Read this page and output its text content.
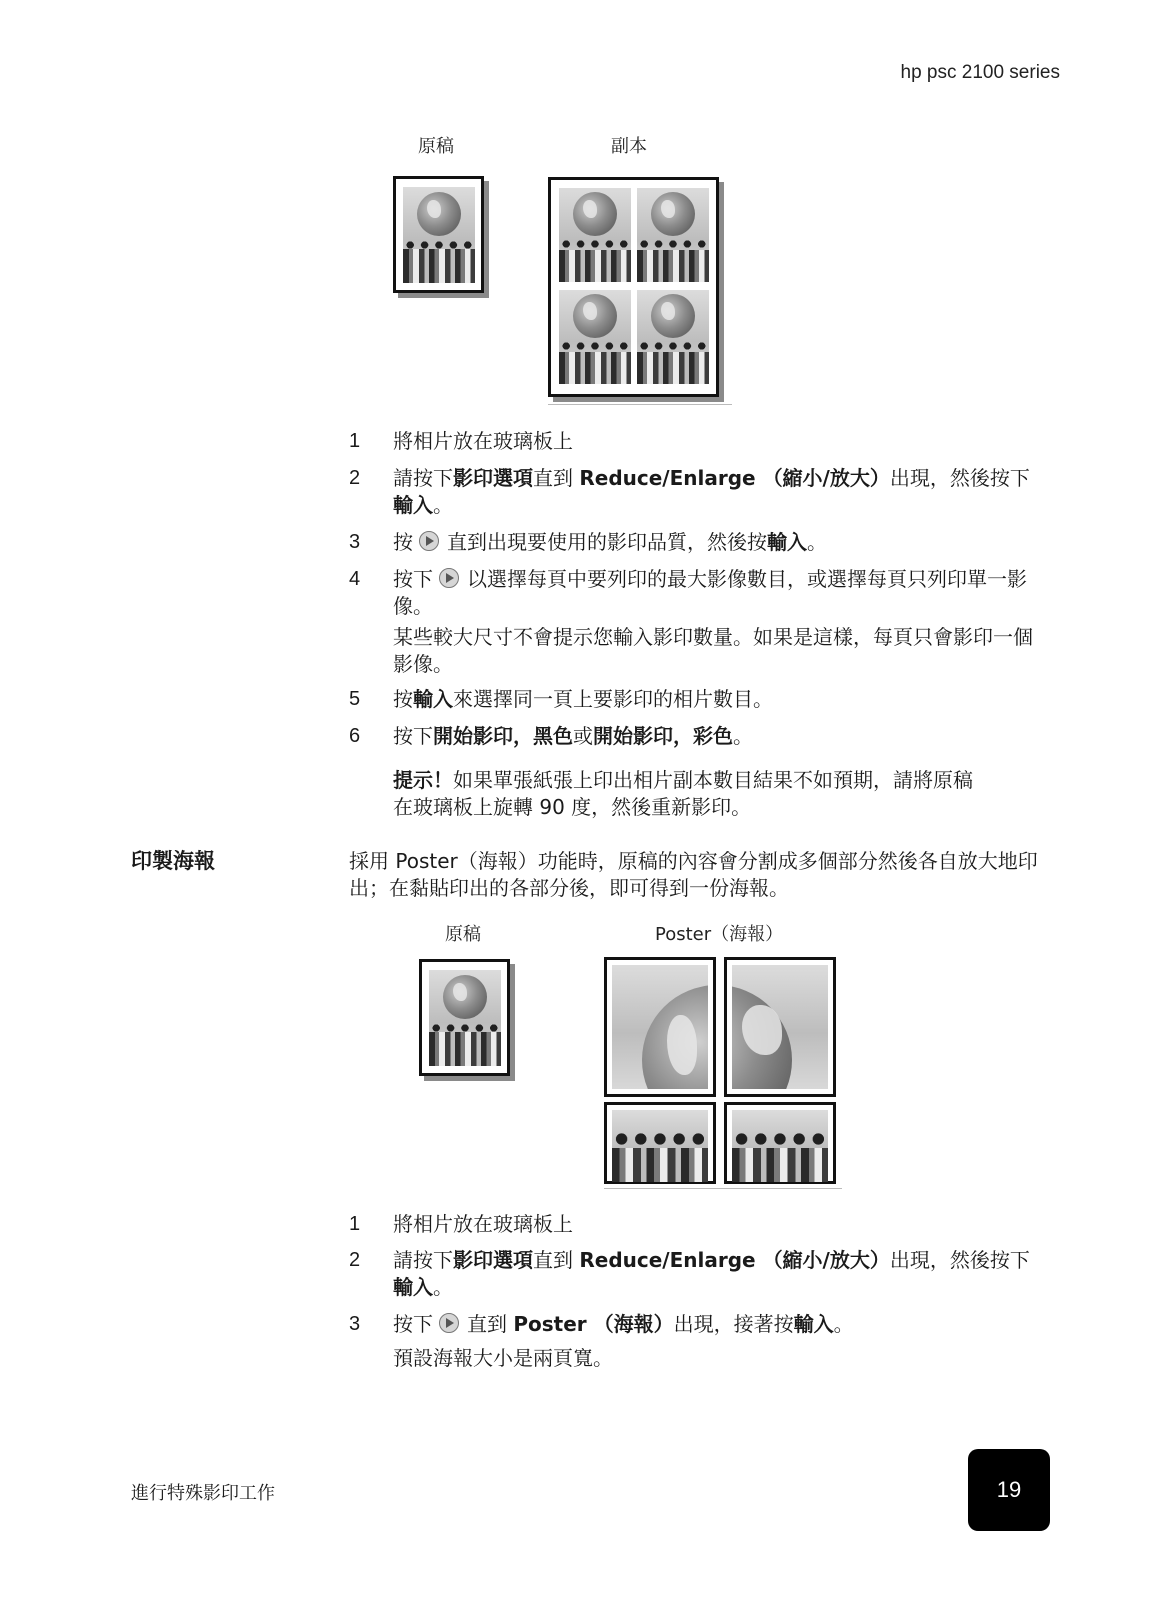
hp psc 2100 series
原稿	副本
1 將相片放在玻璃板上
2 請按下影印選項直到 Reduce/Enlarge （縮小/放大）出現，然後按下輸入。
3 按 直到出現要使用的影印品質，然後按輸入。
4 按下 以選擇每頁中要列印的最大影像數目，或選擇每頁只列印單一影像。
某些較大尺寸不會提示您輸入影印數量。如果是這樣，每頁只會影印一個影像。
5 按輸入來選擇同一頁上要影印的相片數目。
6 按下開始影印，黑色或開始影印，彩色。
提示！如果單張紙張上印出相片副本數目結果不如預期，請將原稿在玻璃板上旋轉 90 度，然後重新影印。
印製海報	採用 Poster（海報）功能時，原稿的內容會分割成多個部分然後各自放大地印出；在黏貼印出的各部分後，即可得到一份海報。
原稿	Poster（海報）
1 將相片放在玻璃板上
2 請按下影印選項直到 Reduce/Enlarge （縮小/放大）出現，然後按下輸入。
3 按下 直到 Poster （海報）出現，接著按輸入。
預設海報大小是兩頁寬。
進行特殊影印工作	19
